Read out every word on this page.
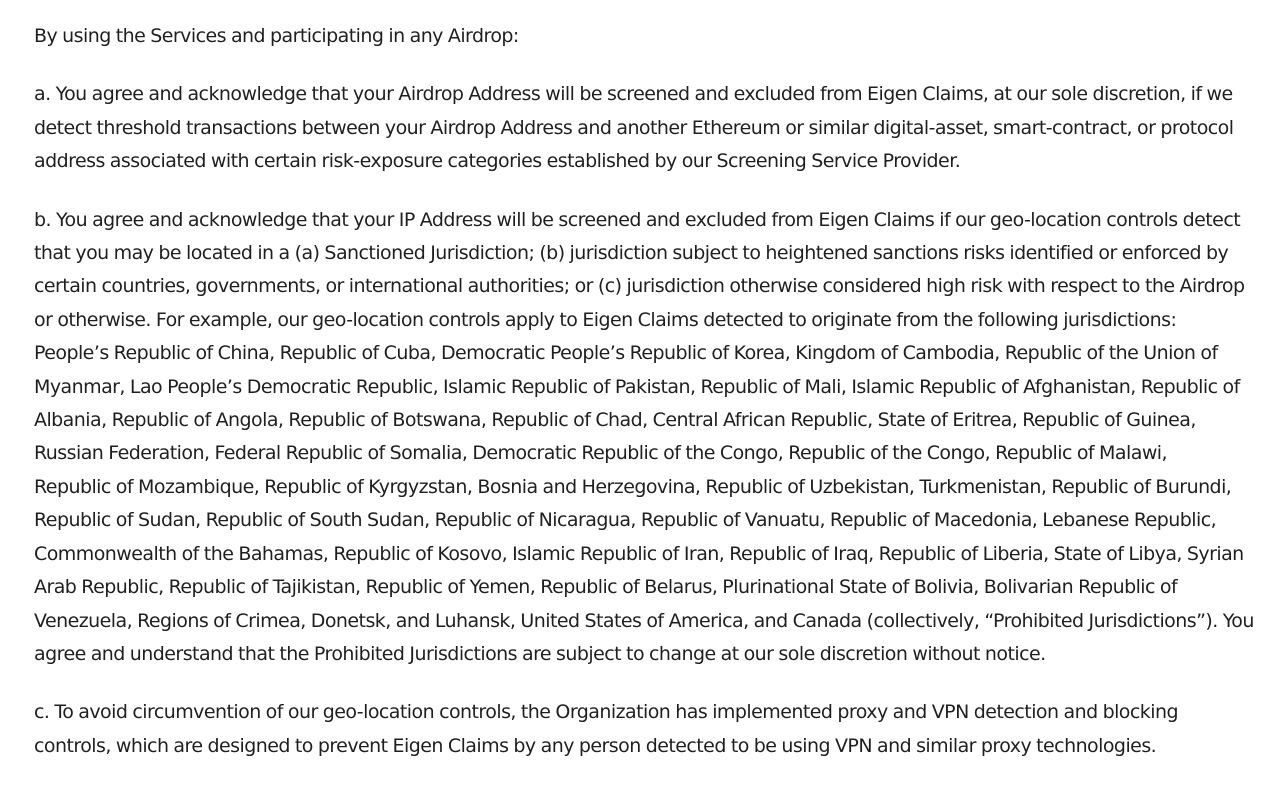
By using the Services and participating in any Airdrop:

a. You agree and acknowledge that your Airdrop Address will be screened and excluded from Eigen Claims, at our sole discretion, if we
detect threshold transactions between your Airdrop Address and another Ethereum or similar digital-asset, smart-contract, or protocol
address associated with certain risk-exposure categories established by our Screening Service Provider.

b. You agree and acknowledge that your IP Address will be screened and excluded from Eigen Claims if our geo-location controls detect
that you may be located in a (a) Sanctioned Jurisdiction; (b) jurisdiction subject to heightened sanctions risks identified or enforced by
certain countries, governments, or international authorities; or (c) jurisdiction otherwise considered high risk with respect to the Airdrop
or otherwise. For example, our geo-location controls apply to Eigen Claims detected to originate from the following jurisdictions:
People’s Republic of China, Republic of Cuba, Democratic People’s Republic of Korea, Kingdom of Cambodia, Republic of the Union of
Myanmar, Lao People’s Democratic Republic, Islamic Republic of Pakistan, Republic of Mali, Islamic Republic of Afghanistan, Republic of
Albania, Republic of Angola, Republic of Botswana, Republic of Chad, Central African Republic, State of Eritrea, Republic of Guinea,
Russian Federation, Federal Republic of Somalia, Democratic Republic of the Congo, Republic of the Congo, Republic of Malawi,
Republic of Mozambique, Republic of Kyrgyzstan, Bosnia and Herzegovina, Republic of Uzbekistan, Turkmenistan, Republic of Burundi,
Republic of Sudan, Republic of South Sudan, Republic of Nicaragua, Republic of Vanuatu, Republic of Macedonia, Lebanese Republic,
Commonwealth of the Bahamas, Republic of Kosovo, Islamic Republic of Iran, Republic of Iraq, Republic of Liberia, State of Libya, Syrian
Arab Republic, Republic of Tajikistan, Republic of Yemen, Republic of Belarus, Plurinational State of Bolivia, Bolivarian Republic of
Venezuela, Regions of Crimea, Donetsk, and Luhansk, United States of America, and Canada (collectively, “Prohibited Jurisdictions”). You
agree and understand that the Prohibited Jurisdictions are subject to change at our sole discretion without notice.

c. To avoid circumvention of our geo-location controls, the Organization has implemented proxy and VPN detection and blocking
controls, which are designed to prevent Eigen Claims by any person detected to be using VPN and similar proxy technologies.
